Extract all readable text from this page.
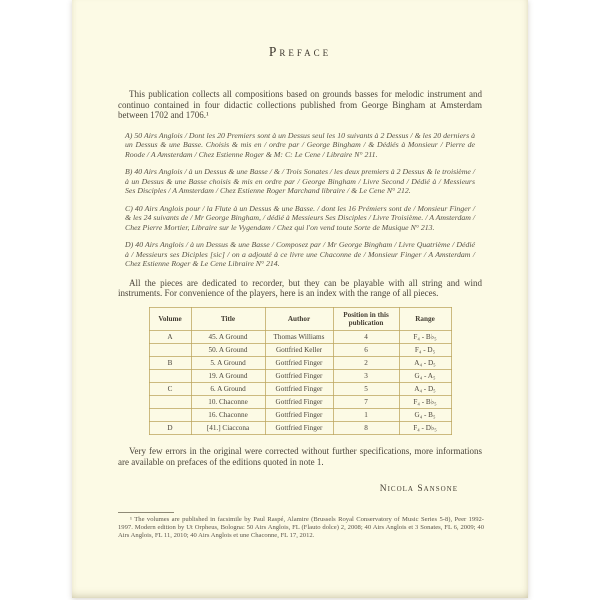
Preface

This publication collects all compositions based on grounds basses for melodic instrument and continuo contained in four didactic collections published from George Bingham at Amsterdam between 1702 and 1706.¹

A) 50 Airs Anglois / Dont les 20 Premiers sont à un Dessus seul les 10 suivants à 2 Dessus / & les 20 derniers à un Dessus & une Basse. Choisis & mis en / ordre par / George Bingham / & Dédiés à Monsieur / Pierre de Roode / A Amsterdam / Chez Estienne Roger & M: C: Le Cene / Libraire N° 211.

B) 40 Airs Anglois / à un Dessus & une Basse / & / Trois Sonates / les deux premiers à 2 Dessus & le troisième / à un Dessus & une Basse choisis & mis en ordre par / George Bingham / Livre Second / Dédié à / Messieurs Ses Disciples / A Amsterdam / Chez Estienne Roger Marchand libraire / & Le Cene N° 212.

C) 40 Airs Anglois pour / la Flute à un Dessus & une Basse. / dont les 16 Prémiers sont de / Monsieur Finger / & les 24 suivants de / Mr George Bingham, / dédié à Messieurs Ses Disciples / Livre Troisième. / A Amsterdam / Chez Pierre Mortier, Libraire sur le Vygendam / Chez qui l'on vend toute Sorte de Musique N° 213.

D) 40 Airs Anglois / à un Dessus & une Basse / Composez par / Mr George Bingham / Livre Quatrième / Dédié à / Messieurs ses Diciples [sic] / on a adjouté à ce livre une Chaconne de / Monsieur Finger / A Amsterdam / Chez Estienne Roger & Le Cene Libraire N° 214.

All the pieces are dedicated to recorder, but they can be playable with all string and wind instruments. For convenience of the players, here is an index with the range of all pieces.

Volume	Title	Author	Position in this publication	Range
A	45. A Ground	Thomas Williams	4	F₄ - B♭₅
	50. A Ground	Gottfried Keller	6	F₄ - D₅
B	5. A Ground	Gottfried Finger	2	A₄ - D₅
	19. A Ground	Gottfried Finger	3	G₄ - A₅
C	6. A Ground	Gottfried Finger	5	A₄ - D₅
	10. Chaconne	Gottfried Finger	7	F₄ - B♭₅
	16. Chaconne	Gottfried Finger	1	G₄ - B₅
D	[41.] Ciaccona	Gottfried Finger	8	F₄ - D♭₅

Very few errors in the original were corrected without further specifications, more informations are available on prefaces of the editions quoted in note 1.

Nicola Sansone

¹ The volumes are published in facsimile by Paul Raspé, Alamire (Brussels Royal Conservatory of Music Series 5-8), Peer 1992-1997. Modern edition by Ut Orpheus, Bologna: 50 Airs Anglois, FL (Flauto dolce) 2, 2008; 40 Airs Anglois et 3 Sonates, FL 6, 2009; 40 Airs Anglois, FL 11, 2010; 40 Airs Anglois et une Chaconne, FL 17, 2012.
